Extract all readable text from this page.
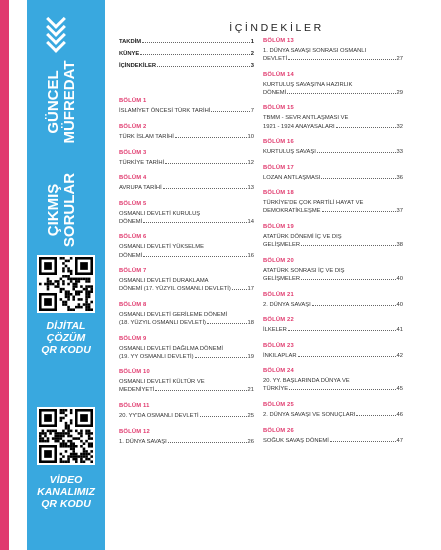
GÜNCEL
MÜFREDAT
ÇIKMIŞ
SORULAR
DİJİTAL
ÇÖZÜM
QR KODU
VİDEO
KANALIMIZ
QR KODU
İÇİNDEKİLER
TAKDİM	1
KÜNYE	2
İÇİNDEKİLER	3
BÖLÜM 1
İSLAMİYET ÖNCESİ TÜRK TARİHİ	7
BÖLÜM 2
TÜRK İSLAM TARİHİ	10
BÖLÜM 3
TÜRKİYE TARİHİ	12
BÖLÜM 4
AVRUPA TARİHİ	13
BÖLÜM 5
OSMANLI DEVLETİ KURULUŞ
DÖNEMİ	14
BÖLÜM 6
OSMANLI DEVLETİ YÜKSELME
DÖNEMİ	16
BÖLÜM 7
OSMANLI DEVLETİ DURAKLAMA
DÖNEMİ (17. YÜZYIL OSMANLI DEVLETİ)	17
BÖLÜM 8
OSMANLI DEVLETİ GERİLEME DÖNEMİ
(18. YÜZYIL OSMANLI DEVLETİ)	18
BÖLÜM 9
OSMANLI DEVLETİ DAĞILMA DÖNEMİ
(19. YY OSMANLI DEVLETİ)	19
BÖLÜM 10
OSMANLI DEVLETİ KÜLTÜR VE
MEDENİYETİ	21
BÖLÜM 11
20. YY'DA OSMANLI DEVLETİ	25
BÖLÜM 12
1. DÜNYA SAVAŞI	26
BÖLÜM 13
1. DÜNYA SAVAŞI SONRASI OSMANLI
DEVLETİ	27
BÖLÜM 14
KURTULUŞ SAVAŞI'NA HAZIRLIK
DÖNEMİ	29
BÖLÜM 15
TBMM - SEVR ANTLAŞMASI VE
1921 - 1924 ANAYASALARI	32
BÖLÜM 16
KURTULUŞ SAVAŞI	33
BÖLÜM 17
LOZAN ANTLAŞMASI	36
BÖLÜM 18
TÜRKİYE'DE ÇOK PARTİLİ HAYAT VE
DEMOKRATİKLEŞME	37
BÖLÜM 19
ATATÜRK DÖNEMİ İÇ VE DIŞ
GELİŞMELER	38
BÖLÜM 20
ATATÜRK SONRASI İÇ VE DIŞ
GELİŞMELER	40
BÖLÜM 21
2. DÜNYA SAVAŞI	40
BÖLÜM 22
İLKELER	41
BÖLÜM 23
İNKILAPLAR	42
BÖLÜM 24
20. YY. BAŞLARINDA DÜNYA VE
TÜRKİYE	45
BÖLÜM 25
2. DÜNYA SAVAŞI VE SONUÇLARI	46
BÖLÜM 26
SOĞUK SAVAŞ DÖNEMİ	47
